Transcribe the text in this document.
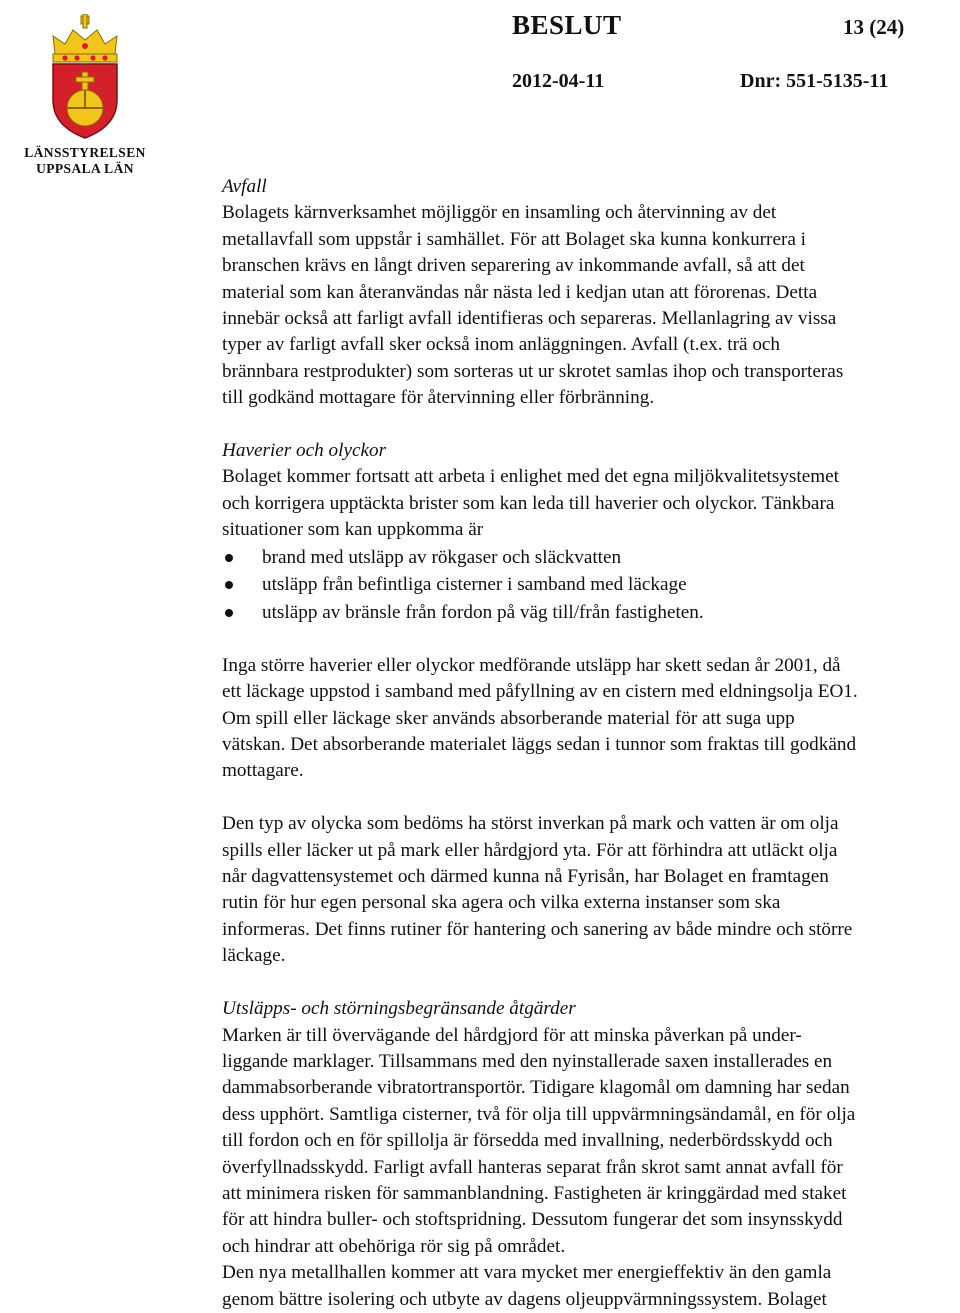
LÄNSSTYRELSEN
UPPSALA LÄN
BESLUT	13 (24)
2012-04-11	Dnr: 551-5135-11
Avfall

Bolagets kärnverksamhet möjliggör en insamling och återvinning av det
metallavfall som uppstår i samhället. För att Bolaget ska kunna konkurrera i
branschen krävs en långt driven separering av inkommande avfall, så att det
material som kan återanvändas når nästa led i kedjan utan att förorenas. Detta
innebär också att farligt avfall identifieras och separeras. Mellanlagring av vissa
typer av farligt avfall sker också inom anläggningen. Avfall (t.ex. trä och
brännbara restprodukter) som sorteras ut ur skrotet samlas ihop och transporteras
till godkänd mottagare för återvinning eller förbränning.

Haverier och olyckor

Bolaget kommer fortsatt att arbeta i enlighet med det egna miljökvalitetsystemet
och korrigera upptäckta brister som kan leda till haverier och olyckor. Tänkbara
situationer som kan uppkomma är

brand med utsläpp av rökgaser och släckvatten
utsläpp från befintliga cisterner i samband med läckage
utsläpp av bränsle från fordon på väg till/från fastigheten.

Inga större haverier eller olyckor medförande utsläpp har skett sedan år 2001, då
ett läckage uppstod i samband med påfyllning av en cistern med eldningsolja EO1.
Om spill eller läckage sker används absorberande material för att suga upp
vätskan. Det absorberande materialet läggs sedan i tunnor som fraktas till godkänd
mottagare.

Den typ av olycka som bedöms ha störst inverkan på mark och vatten är om olja
spills eller läcker ut på mark eller hårdgjord yta. För att förhindra att utläckt olja
når dagvattensystemet och därmed kunna nå Fyrisån, har Bolaget en framtagen
rutin för hur egen personal ska agera och vilka externa instanser som ska
informeras. Det finns rutiner för hantering och sanering av både mindre och större
läckage.

Utsläpps- och störningsbegränsande åtgärder

Marken är till övervägande del hårdgjord för att minska påverkan på under-
liggande marklager. Tillsammans med den nyinstallerade saxen installerades en
dammabsorberande vibratortransportör. Tidigare klagomål om damning har sedan
dess upphört. Samtliga cisterner, två för olja till uppvärmningsändamål, en för olja
till fordon och en för spillolja är försedda med invallning, nederbördsskydd och
överfyllnadsskydd. Farligt avfall hanteras separat från skrot samt annat avfall för
att minimera risken för sammanblandning. Fastigheten är kringgärdad med staket
för att hindra buller- och stoftspridning. Dessutom fungerar det som insynsskydd
och hindrar att obehöriga rör sig på området.
Den nya metallhallen kommer att vara mycket mer energieffektiv än den gamla
genom bättre isolering och utbyte av dagens oljeuppvärmningssystem. Bolaget
